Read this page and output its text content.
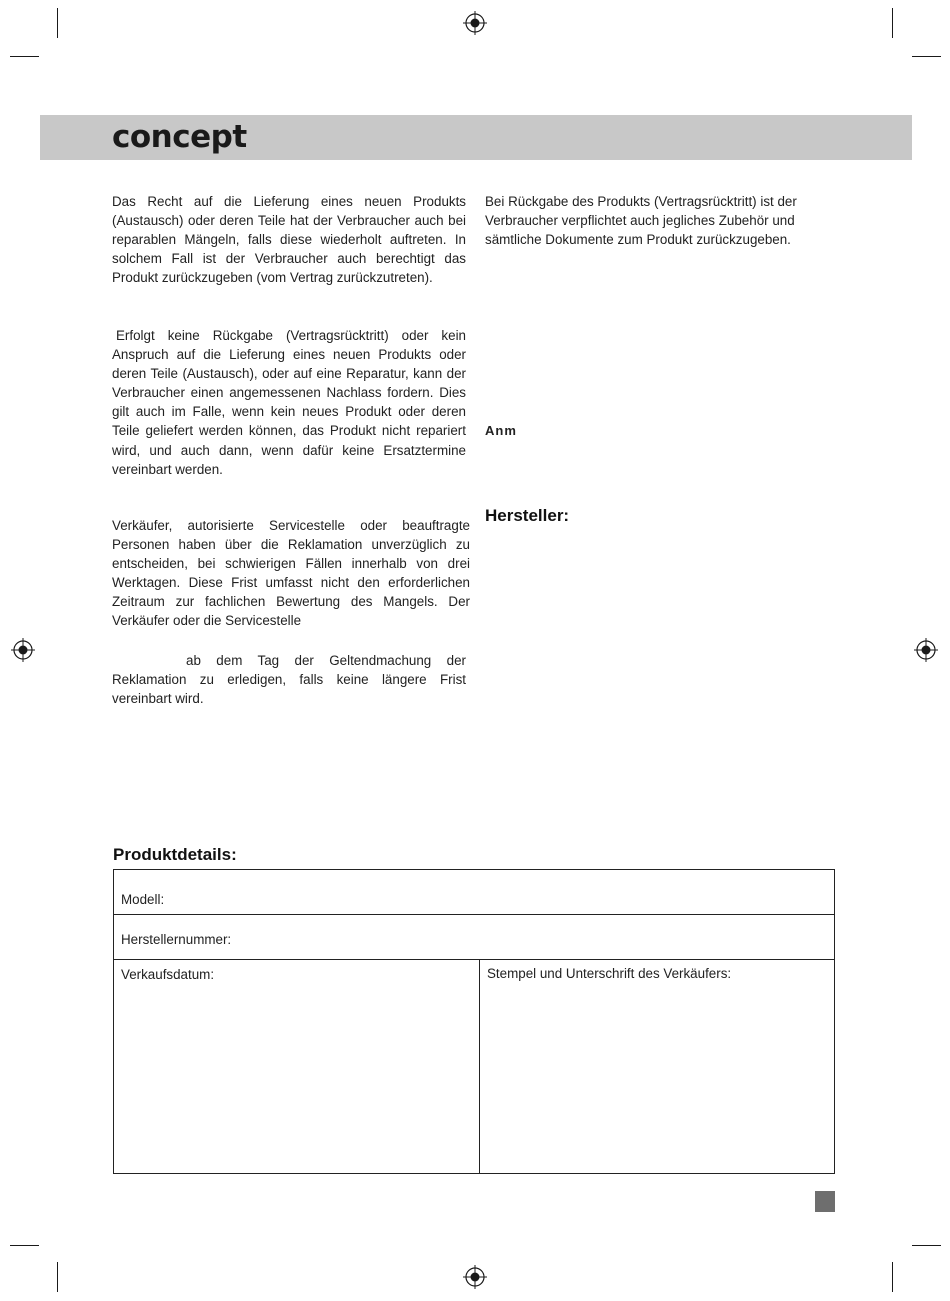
concept
Das Recht auf die Lieferung eines neuen Produkts (Austausch) oder deren Teile hat der Verbraucher auch bei reparablen Mängeln, falls diese wiederholt auftreten. In solchem Fall ist der Verbraucher auch berechtigt das Produkt zurückzugeben (vom Vertrag zurückzutreten).
Erfolgt keine Rückgabe (Vertragsrücktritt) oder kein Anspruch auf die Lieferung eines neuen Produkts oder deren Teile (Austausch), oder auf eine Reparatur, kann der Verbraucher einen angemessenen Nachlass fordern. Dies gilt auch im Falle, wenn kein neues Produkt oder deren Teile geliefert werden können, das Produkt nicht repariert wird, und auch dann, wenn dafür keine Ersatztermine vereinbart werden.
Verkäufer, autorisierte Servicestelle oder beauftragte Personen haben über die Reklamation unverzüglich zu entscheiden, bei schwierigen Fällen innerhalb von drei Werktagen. Diese Frist umfasst nicht den erforderlichen Zeitraum zur fachlichen Bewertung des Mangels. Der Verkäufer oder die Servicestelle
ab dem Tag der Geltendmachung der Reklamation zu erledigen, falls keine längere Frist vereinbart wird.
Bei Rückgabe des Produkts (Vertragsrücktritt) ist der Verbraucher verpflichtet auch jegliches Zubehör und sämtliche Dokumente zum Produkt zurückzugeben.
Anm
Hersteller:
Produktdetails:
Modell:
Herstellernummer:
Verkaufsdatum:	Stempel und Unterschrift des Verkäufers:
